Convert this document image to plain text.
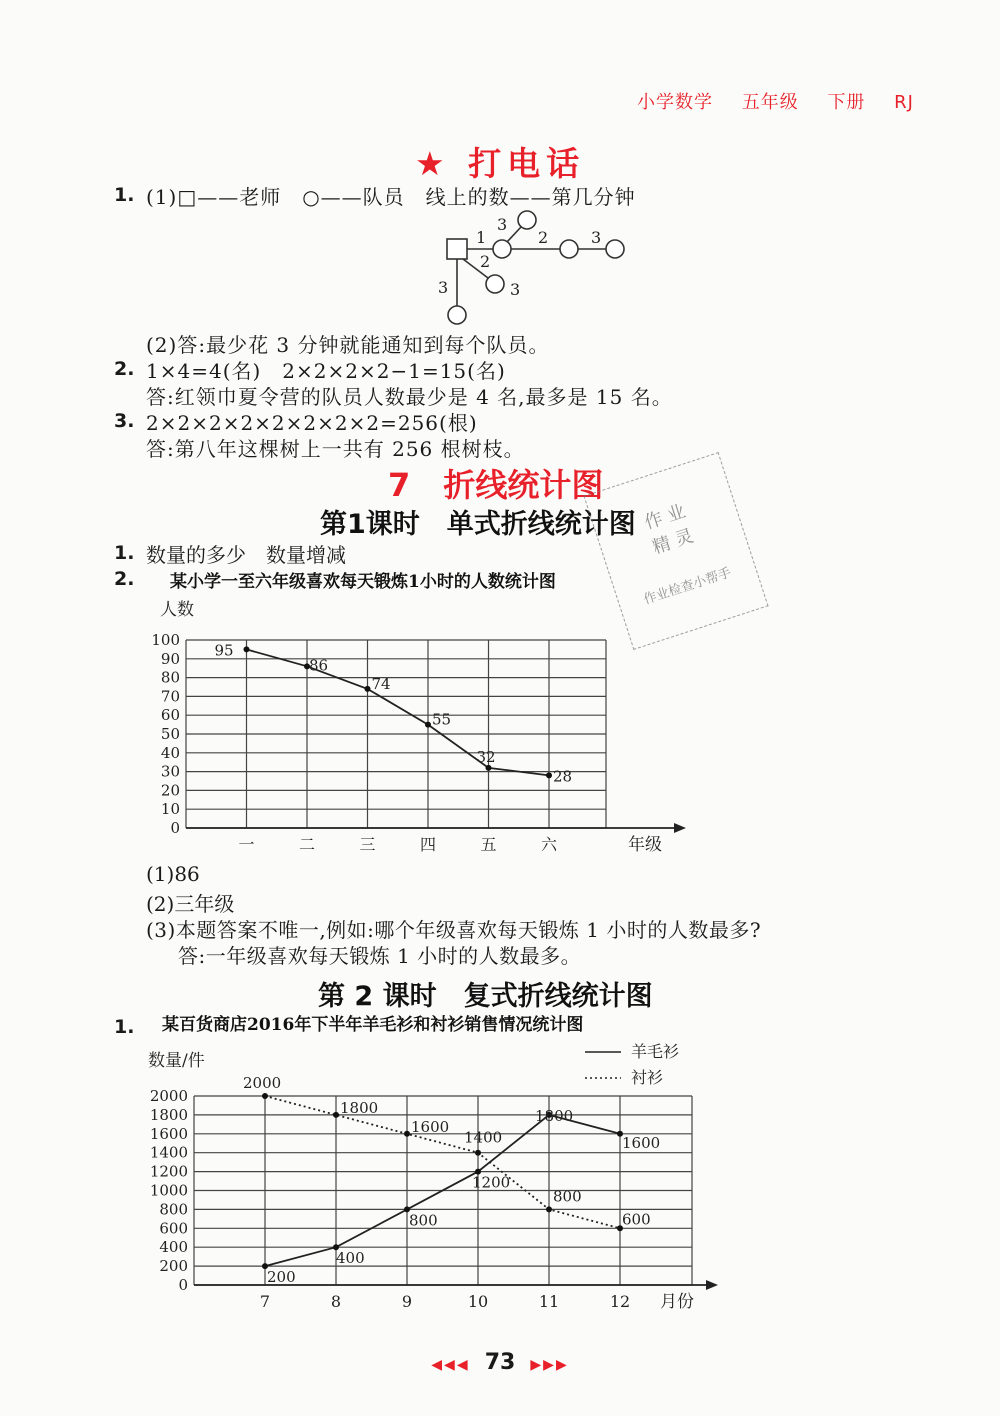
小学数学 五年级 下册 RJ
★ 打电话
1. (1)□——老师　○——队员　线上的数——第几分钟
1
2
3
2	3
3
3
(2)答:最少花 3 分钟就能通知到每个队员。
2. 1×4=4(名)　2×2×2×2−1=15(名)
答:红领巾夏令营的队员人数最少是 4 名,最多是 15 名。
3. 2×2×2×2×2×2×2×2=256(根)
答:第八年这棵树上一共有 256 根树枝。
7 折线统计图
第1课时　单式折线统计图
1. 数量的多少　数量增减
2.
作 业
精 灵
作业检查小帮手
某小学一至六年级喜欢每天锻炼1小时的人数统计图
人数
0
10
20
30
40
50
60
70
80
90
100
年级
一	二	三	四	五	六
95
86
74
55
32
28
(1)86
(2)三年级
(3)本题答案不唯一,例如:哪个年级喜欢每天锻炼 1 小时的人数最多?
答:一年级喜欢每天锻炼 1 小时的人数最多。
第 2 课时　复式折线统计图
1. 某百货商店2016年下半年羊毛衫和衬衫销售情况统计图
数量/件
0
200
400
600
800
1000
1200
1400
1600
1800
2000
月份
7	8	9	10	11	12
200
400
800
1200
1800
1600
2000
1800
1600
1400
800
600
羊毛衫
衬衫
◀◀◀ 73 ▶▶▶
